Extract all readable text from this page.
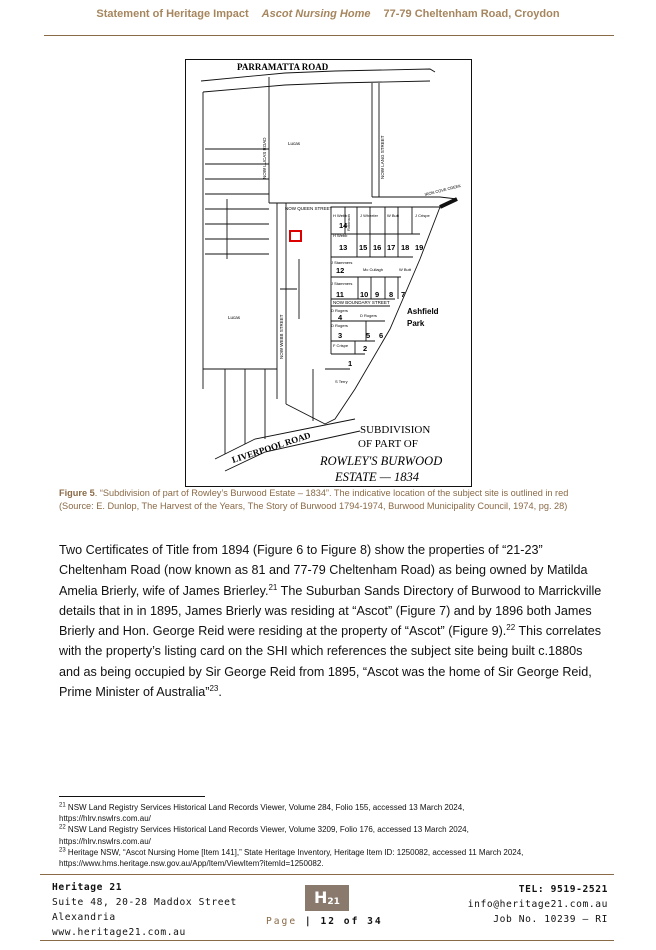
Statement of Heritage Impact Ascot Nursing Home 77-79 Cheltenham Road, Croydon
PARRAMATTA ROAD
LIVERPOOL ROAD
Lucas
Lucas
NOW LUCAS ROAD	NOW LANG STREET
NOW QUEEN STREET
NOW BOUNDARY STREET
NOW WEBB STREET
IRON COVE CREEK
Ashfield
Park
SUBDIVISION
OF PART OF
ROWLEY'S BURWOOD
ESTATE — 1834
H Webb
H Webb
Robinson J Wheeler W Butt	J Crispe
J Stammers
Mc Cullagh	W Butt
J Stammers
D Rogers
D Rogers
D Rogers
F Crispe
S Terry
14
13 15 16 17 18 19
12
11 10 9 8 7
4
3	5 6
2
1
Figure 5. “Subdivision of part of Rowley’s Burwood Estate – 1834”. The indicative location of the subject site is outlined in red (Source: E. Dunlop, The Harvest of the Years, The Story of Burwood 1794-1974, Burwood Municipality Council, 1974, pg. 28)
Two Certificates of Title from 1894 (Figure 6 to Figure 8) show the properties of “21-23” Cheltenham Road (now known as 81 and 77-79 Cheltenham Road) as being owned by Matilda Amelia Brierly, wife of James Brierley.$^{21}$ The Suburban Sands Directory of Burwood to Marrickville details that in in 1895, James Brierly was residing at “Ascot” (Figure 7) and by 1896 both James Brierly and Hon. George Reid were residing at the property of “Ascot” (Figure 9).$^{22}$ This correlates with the property’s listing card on the SHI which references the subject site being built c.1880s and as being occupied by Sir George Reid from 1895, “Ascot was the home of Sir George Reid, Prime Minister of Australia”$^{23}$.
$^{21}$ NSW Land Registry Services Historical Land Records Viewer, Volume 284, Folio 155, accessed 13 March 2024,
https://hlrv.nswlrs.com.au/
$^{22}$ NSW Land Registry Services Historical Land Records Viewer, Volume 3209, Folio 176, accessed 13 March 2024,
https://hlrv.nswlrs.com.au/
$^{23}$ Heritage NSW, “Ascot Nursing Home [Item 141],” State Heritage Inventory, Heritage Item ID: 1250082, accessed 11 March 2024,
https://www.hms.heritage.nsw.gov.au/App/Item/ViewItem?itemId=1250082.
Heritage 21
Suite 48, 20-28 Maddox Street
Alexandria
www.heritage21.com.au
$H_{21}$
Page | 12 of 34
TEL: 9519-2521
info@heritage21.com.au
Job No. 10239 – RI
